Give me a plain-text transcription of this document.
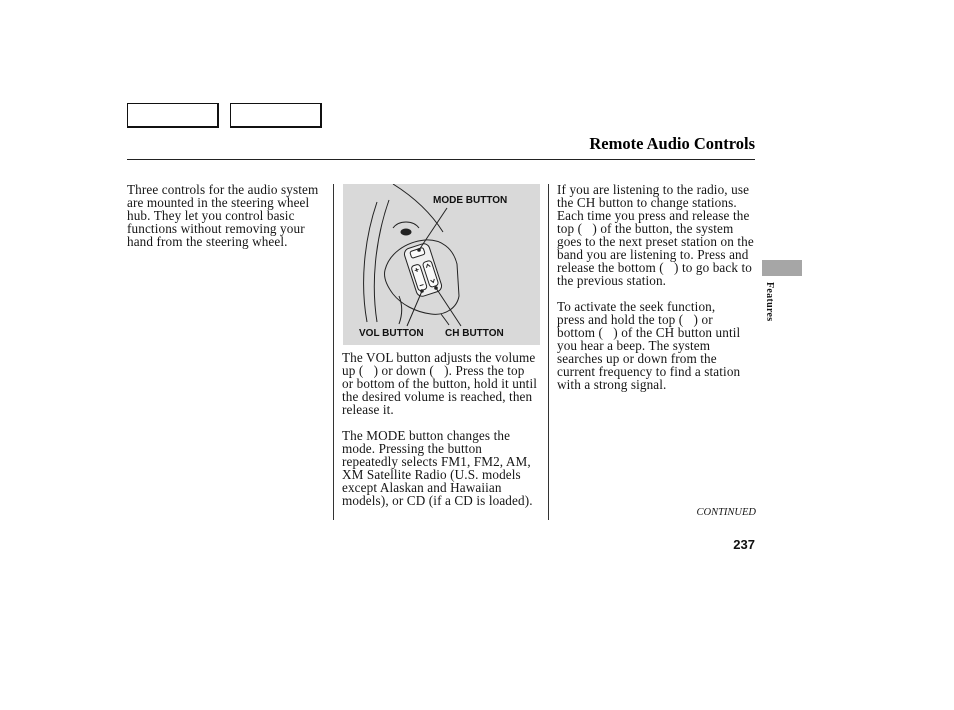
Remote Audio Controls
Three controls for the audio system
are mounted in the steering wheel
hub. They let you control basic
functions without removing your
hand from the steering wheel.
MODE BUTTON
VOL BUTTON CH BUTTON
The VOL button adjusts the volume
up (   ) or down (   ). Press the top
or bottom of the button, hold it until
the desired volume is reached, then
release it.
The MODE button changes the
mode. Pressing the button
repeatedly selects FM1, FM2, AM,
XM Satellite Radio (U.S. models
except Alaskan and Hawaiian
models), or CD (if a CD is loaded).
If you are listening to the radio, use
the CH button to change stations.
Each time you press and release the
top (   ) of the button, the system
goes to the next preset station on the
band you are listening to. Press and
release the bottom (   ) to go back to
the previous station.
To activate the seek function,
press and hold the top (   ) or
bottom (   ) of the CH button until
you hear a beep. The system
searches up or down from the
current frequency to find a station
with a strong signal.
CONTINUED
237
Features
